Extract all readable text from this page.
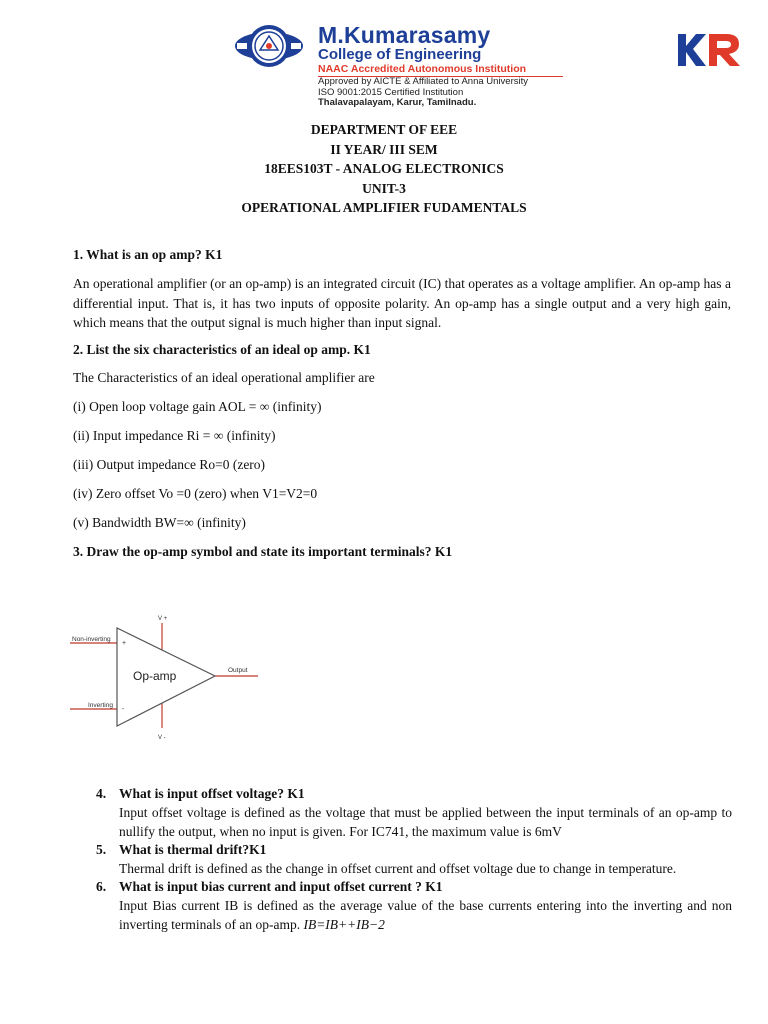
M.Kumarasamy
College of Engineering
NAAC Accredited Autonomous Institution
Approved by AICTE & Affiliated to Anna University
ISO 9001:2015 Certified Institution
Thalavapalayam, Karur, Tamilnadu.
DEPARTMENT OF EEE
II YEAR/ III SEM
18EES103T - ANALOG ELECTRONICS
UNIT-3
OPERATIONAL AMPLIFIER FUDAMENTALS

1. What is an op amp? K1

An operational amplifier (or an op-amp) is an integrated circuit (IC) that operates as a voltage amplifier. An op-amp has a differential input. That is, it has two inputs of opposite polarity. An op-amp has a single output and a very high gain, which means that the output signal is much higher than input signal.

2. List the six characteristics of an ideal op amp. K1

The Characteristics of an ideal operational amplifier are

(i) Open loop voltage gain AOL = ∞ (infinity)

(ii) Input impedance Ri = ∞ (infinity)

(iii) Output impedance Ro=0 (zero)

(iv) Zero offset Vo =0 (zero) when V1=V2=0

(v) Bandwidth BW=∞ (infinity)

3. Draw the op-amp symbol and state its important terminals? K1

V +
V -
Non-inverting
Inverting
+
-
Op-amp	Output
4. What is input offset voltage? K1

Input offset voltage is defined as the voltage that must be applied between the input terminals of an op-amp to nullify the output, when no input is given. For IC741, the maximum value is 6mV

5. What is thermal drift?K1

Thermal drift is defined as the change in offset current and offset voltage due to change in temperature.

6. What is input bias current and input offset current ? K1

Input Bias current IB is defined as the average value of the base currents entering into the inverting and non inverting terminals of an op-amp. IB=IB++IB−2
